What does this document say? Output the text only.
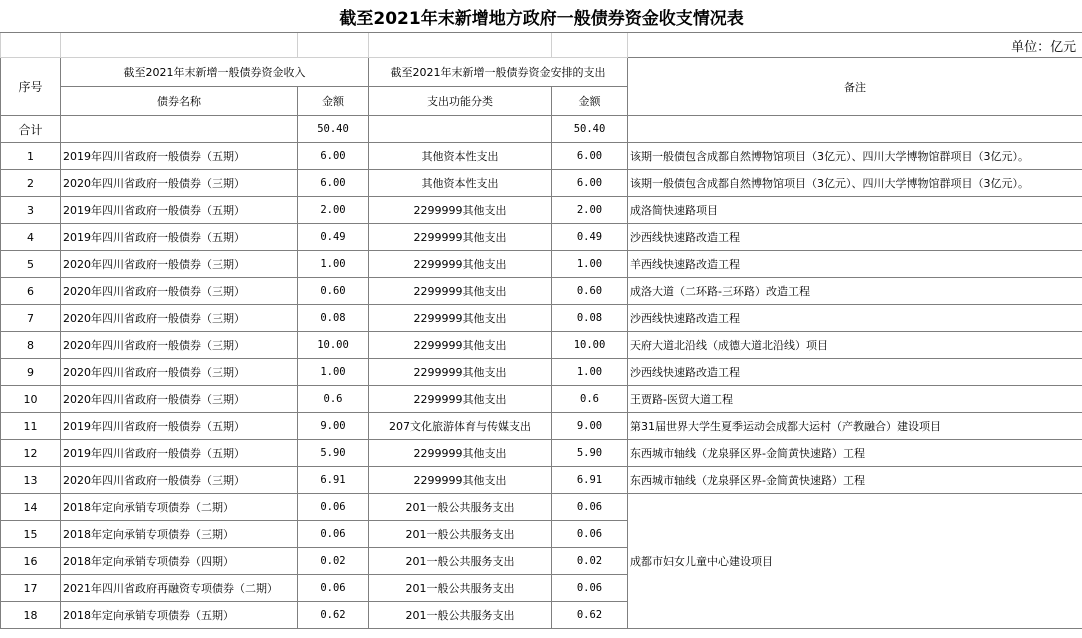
截至2021年末新增地方政府一般债券资金收支情况表					
					单位：亿元
序号	截至2021年末新增一般债券资金收入		截至2021年末新增一般债券资金安排的支出		备注
	债券名称	金额	支出功能分类	金额	
合计		50.40		50.40	
1	2019年四川省政府一般债券（五期）	6.00	其他资本性支出	6.00	该期一般债包含成都自然博物馆项目（3亿元）、四川大学博物馆群项目（3亿元）。
2	2020年四川省政府一般债券（三期）	6.00	其他资本性支出	6.00	该期一般债包含成都自然博物馆项目（3亿元）、四川大学博物馆群项目（3亿元）。
3	2019年四川省政府一般债券（五期）	2.00	2299999其他支出	2.00	成洛简快速路项目
4	2019年四川省政府一般债券（五期）	0.49	2299999其他支出	0.49	沙西线快速路改造工程
5	2020年四川省政府一般债券（三期）	1.00	2299999其他支出	1.00	羊西线快速路改造工程
6	2020年四川省政府一般债券（三期）	0.60	2299999其他支出	0.60	成洛大道（二环路-三环路）改造工程
7	2020年四川省政府一般债券（三期）	0.08	2299999其他支出	0.08	沙西线快速路改造工程
8	2020年四川省政府一般债券（三期）	10.00	2299999其他支出	10.00	天府大道北沿线（成德大道北沿线）项目
9	2020年四川省政府一般债券（三期）	1.00	2299999其他支出	1.00	沙西线快速路改造工程
10	2020年四川省政府一般债券（三期）	0.6	2299999其他支出	0.6	王贾路-医贸大道工程
11	2019年四川省政府一般债券（五期）	9.00	207文化旅游体育与传媒支出	9.00	第31届世界大学生夏季运动会成都大运村（产教融合）建设项目
12	2019年四川省政府一般债券（五期）	5.90	2299999其他支出	5.90	东西城市轴线（龙泉驿区界-金简黄快速路）工程
13	2020年四川省政府一般债券（三期）	6.91	2299999其他支出	6.91	东西城市轴线（龙泉驿区界-金简黄快速路）工程
14	2018年定向承销专项债券（二期）	0.06	201一般公共服务支出	0.06	成都市妇女儿童中心建设项目
15	2018年定向承销专项债券（三期）	0.06	201一般公共服务支出	0.06	
16	2018年定向承销专项债券（四期）	0.02	201一般公共服务支出	0.02	
17	2021年四川省政府再融资专项债券（二期）	0.06	201一般公共服务支出	0.06	
18	2018年定向承销专项债券（五期）	0.62	201一般公共服务支出	0.62	
